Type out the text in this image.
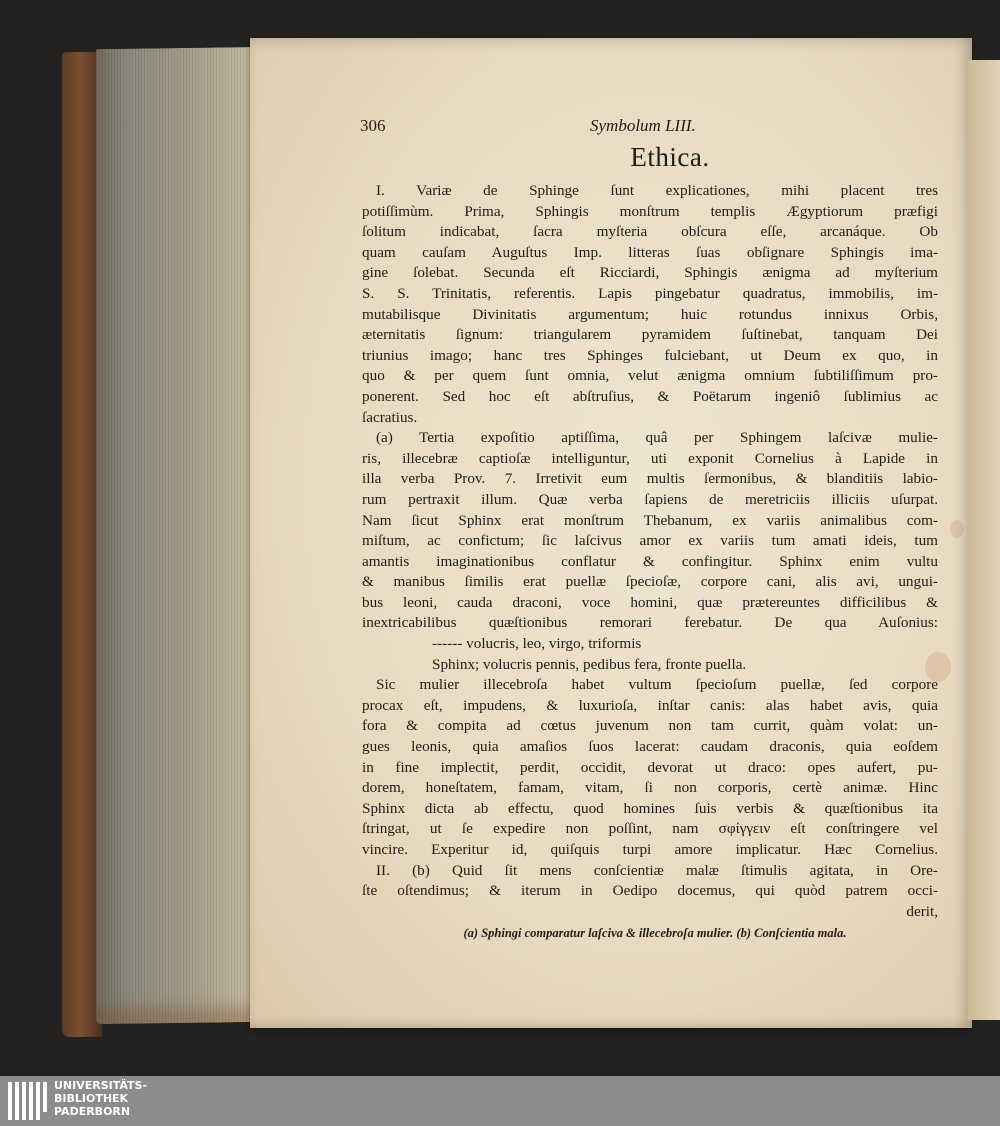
306	Symbolum LIII.
Ethica.
I. Variæ de Sphinge ſunt explicationes, mihi placent tres
potiſſimùm. Prima, Sphingis monſtrum templis Ægyptiorum præfigi
ſolitum indicabat, ſacra myſteria obſcura eſſe, arcanáque. Ob
quam cauſam Auguſtus Imp. litteras ſuas obſignare Sphingis ima-
gine ſolebat. Secunda eſt Ricciardi, Sphingis ænigma ad myſterium
S. S. Trinitatis, referentis. Lapis pingebatur quadratus, immobilis, im-
mutabilisque Divinitatis argumentum; huic rotundus innixus Orbis,
æternitatis ſignum: triangularem pyramidem ſuſtinebat, tanquam Dei
triunius imago; hanc tres Sphinges fulciebant, ut Deum ex quo, in
quo & per quem ſunt omnia, velut ænigma omnium ſubtiliſſimum pro-
ponerent. Sed hoc eſt abſtruſius, & Poëtarum ingeniô ſublimius ac
ſacratius.
(a) Tertia expoſitio aptiſſima, quâ per Sphingem laſcivæ mulie-
ris, illecebræ captioſæ intelliguntur, uti exponit Cornelius à Lapide in
illa verba Prov. 7. Irretivit eum multis ſermonibus, & blanditiis labio-
rum pertraxit illum. Quæ verba ſapiens de meretriciis illiciis uſurpat.
Nam ſicut Sphinx erat monſtrum Thebanum, ex variis animalibus com-
miſtum, ac confictum; ſic laſcivus amor ex variis tum amati ideis, tum
amantis imaginationibus conflatur & confingitur. Sphinx enim vultu
& manibus ſimilis erat puellæ ſpecioſæ, corpore cani, alis avi, ungui-
bus leoni, cauda draconi, voce homini, quæ prætereuntes difficilibus &
inextricabilibus quæſtionibus remorari ferebatur. De qua Auſonius:
------ volucris, leo, virgo, triformis
Sphinx; volucris pennis, pedibus fera, fronte puella.
Sic mulier illecebroſa habet vultum ſpecioſum puellæ, ſed corpore
procax eſt, impudens, & luxurioſa, inſtar canis: alas habet avis, quia
fora & compita ad cœtus juvenum non tam currit, quàm volat: un-
gues leonis, quia amaſios ſuos lacerat: caudam draconis, quia eoſdem
in fine implectit, perdit, occidit, devorat ut draco: opes aufert, pu-
dorem, honeſtatem, famam, vitam, ſi non corporis, certè animæ. Hinc
Sphinx dicta ab effectu, quod homines ſuis verbis & quæſtionibus ita
ſtringat, ut ſe expedire non poſſint, nam σφίγγειν eſt conſtringere vel
vincire. Experitur id, quiſquis turpi amore implicatur. Hæc Cornelius.
II. (b) Quid ſit mens conſcientiæ malæ ſtimulis agitata, in Ore-
ſte oſtendimus; & iterum in Oedipo docemus, qui quòd patrem occi-
derit,
(a) Sphingi comparatur laſciva & illecebroſa mulier. (b) Conſcientia mala.
UNIVERSITÄTS-
BIBLIOTHEK
PADERBORN
